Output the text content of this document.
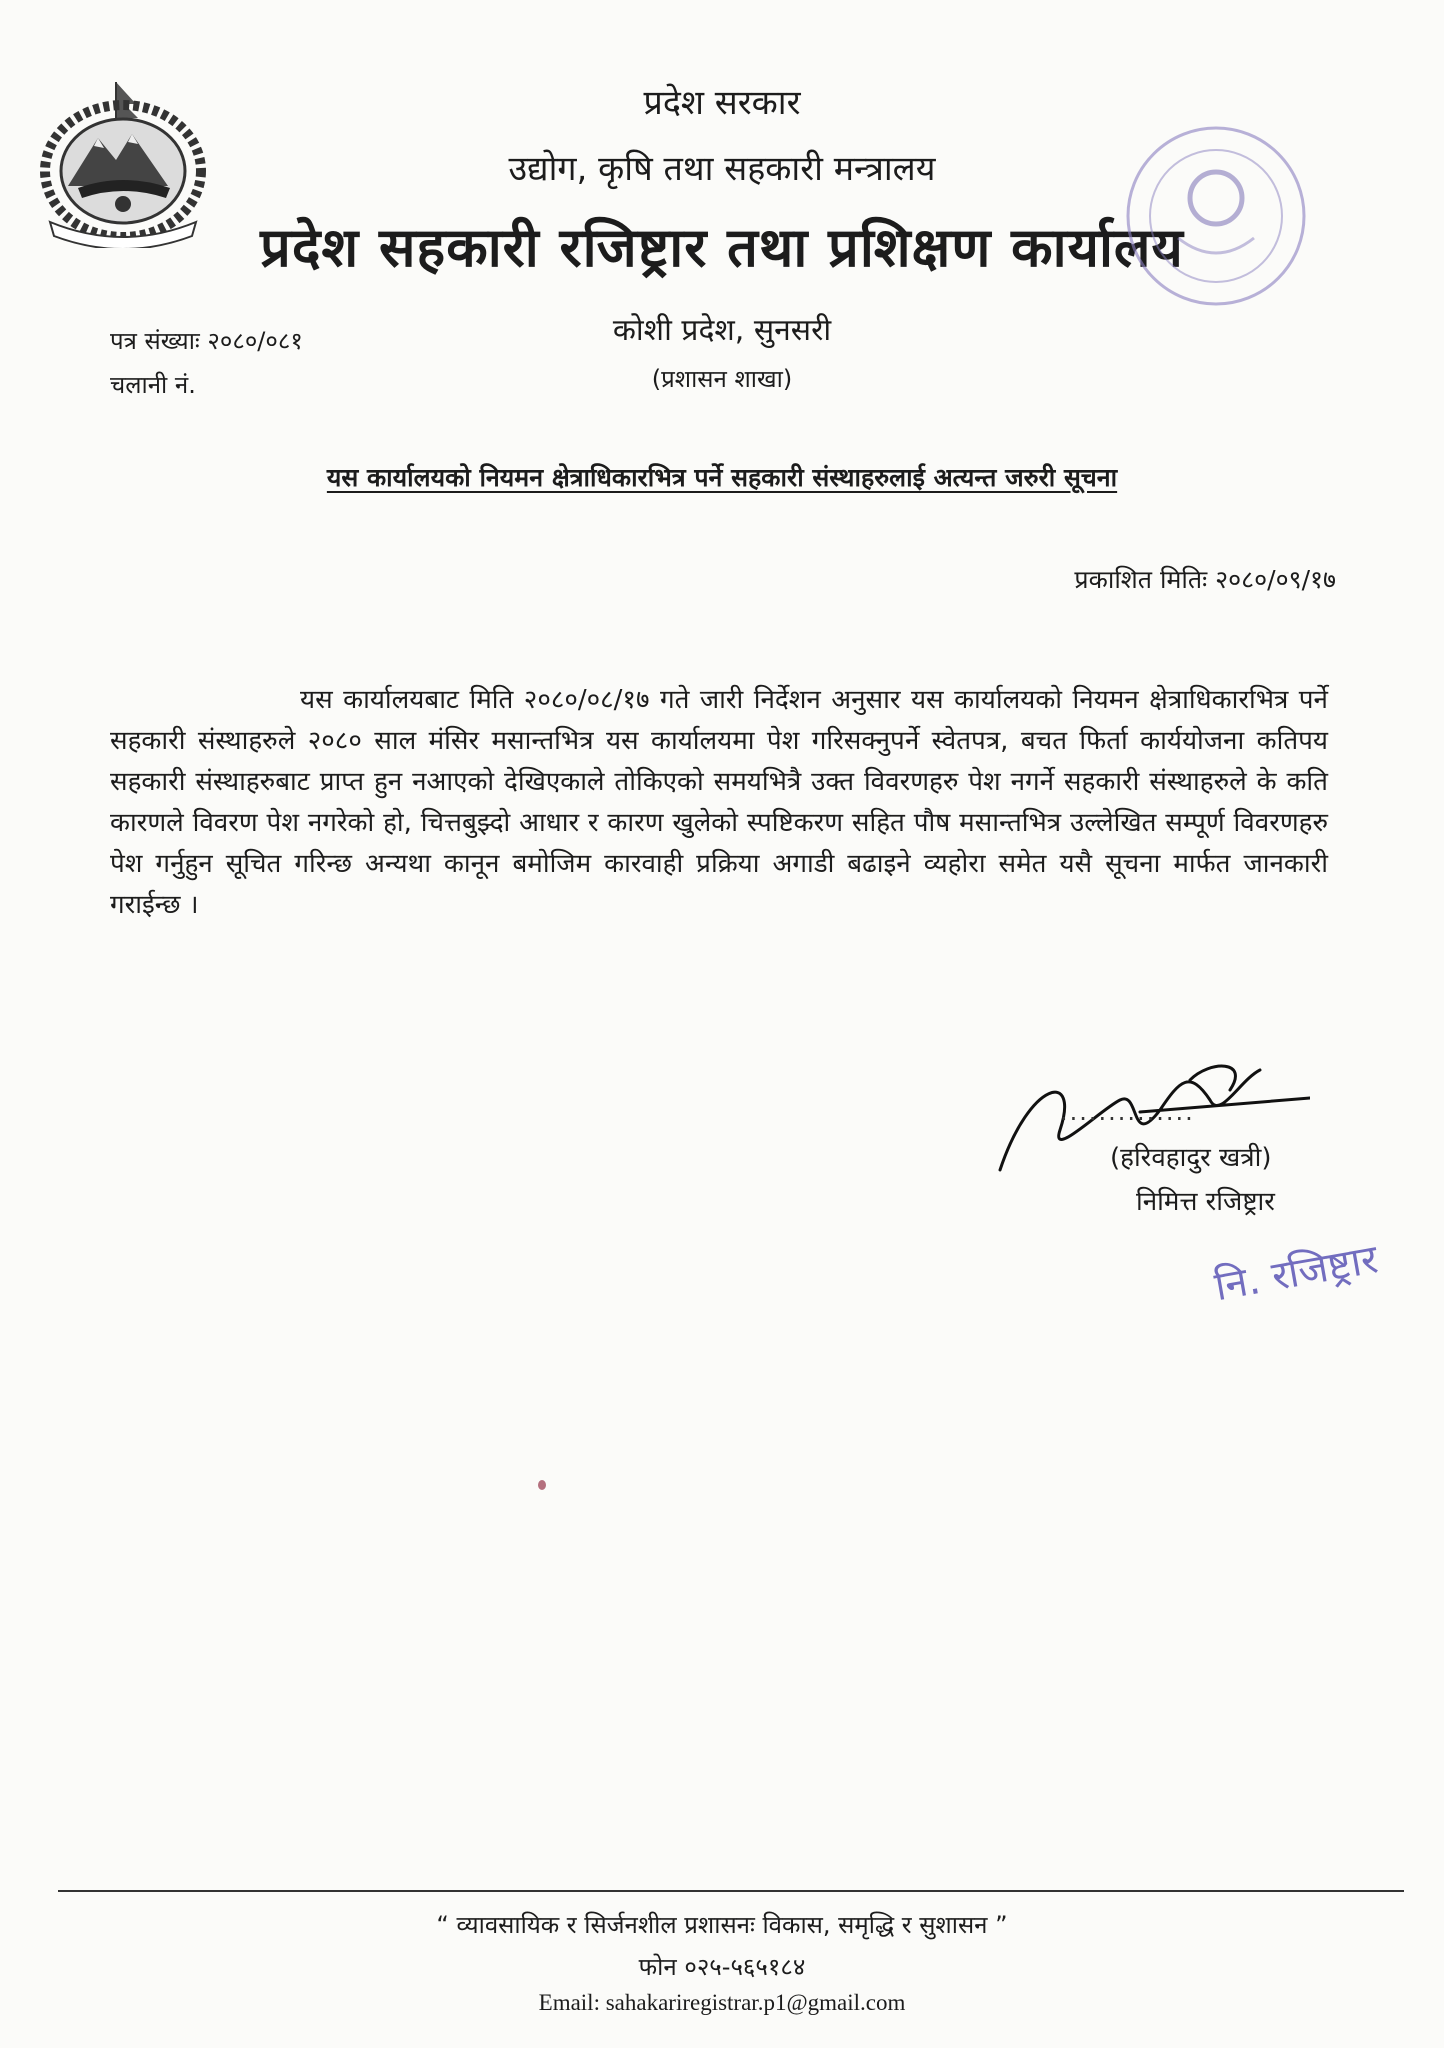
प्रदेश सरकार
उद्योग, कृषि तथा सहकारी मन्त्रालय
प्रदेश सहकारी रजिष्ट्रार तथा प्रशिक्षण कार्यालय
कोशी प्रदेश, सुनसरी
(प्रशासन शाखा)
पत्र संख्याः २०८०/०८१
चलानी नं.
यस कार्यालयको नियमन क्षेत्राधिकारभित्र पर्ने सहकारी संस्थाहरुलाई अत्यन्त जरुरी सूचना
प्रकाशित मितिः २०८०/०९/१७
यस कार्यालयबाट मिति २०८०/०८/१७ गते जारी निर्देशन अनुसार यस कार्यालयको नियमन क्षेत्राधिकारभित्र पर्ने सहकारी संस्थाहरुले २०८० साल मंसिर मसान्तभित्र यस कार्यालयमा पेश गरिसक्नुपर्ने स्वेतपत्र, बचत फिर्ता कार्ययोजना कतिपय सहकारी संस्थाहरुबाट प्राप्त हुन नआएको देखिएकाले तोकिएको समयभित्रै उक्त विवरणहरु पेश नगर्ने सहकारी संस्थाहरुले के कति कारणले विवरण पेश नगरेको हो, चित्तबुझ्दो आधार र कारण खुलेको स्पष्टिकरण सहित पौष मसान्तभित्र उल्लेखित सम्पूर्ण विवरणहरु पेश गर्नुहुन सूचित गरिन्छ अन्यथा कानून बमोजिम कारवाही प्रक्रिया अगाडी बढाइने व्यहोरा समेत यसै सूचना मार्फत जानकारी गराईन्छ ।
..............
(हरिवहादुर खत्री)
निमित्त रजिष्ट्रार
नि. रजिष्ट्रार
“ व्यावसायिक र सिर्जनशील प्रशासनः विकास, समृद्धि र सुशासन ”
फोन ०२५-५६५१८४
Email: sahakariregistrar.p1@gmail.com
